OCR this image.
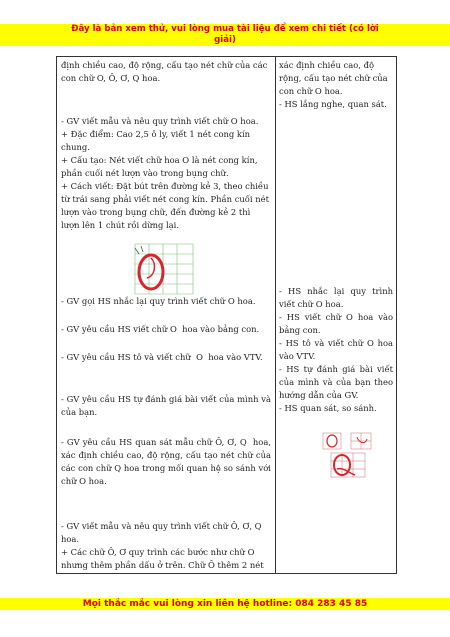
Đây là bản xem thử, vui lòng mua tài liệu để xem chi tiết (có lời
giải)

định chiều cao, độ rộng, cấu tạo nét chữ của các con chữ O, Ô, Ơ, Q hoa.

- GV viết mẫu và nêu quy trình viết chữ O hoa.
+ Đặc điểm: Cao 2,5 ô ly, viết 1 nét cong kín chung.
+ Cấu tạo: Nét viết chữ hoa O là nét cong kín, phần cuối nét lượn vào trong bụng chữ.
+ Cách viết: Đặt bút trên đường kẻ 3, theo chiều từ trái sang phải viết nét cong kín. Phần cuối nét lượn vào trong bụng chữ, đến đường kẻ 2 thì lượn lên 1 chút rồi dừng lại.

- GV gọi HS nhắc lại quy trình viết chữ O hoa.

- GV yêu cầu HS viết chữ O  hoa vào bảng con.

- GV yêu cầu HS tô và viết chữ  O  hoa vào VTV.

- GV yêu cầu HS tự đánh giá bài viết của mình và của bạn.

- GV yêu cầu HS quan sát mẫu chữ Ô, Ơ, Q  hoa, xác định chiều cao, độ rộng, cấu tạo nét chữ của các con chữ Q hoa trong mối quan hệ so sánh với chữ O hoa.

- GV viết mẫu và nêu quy trình viết chữ Ô, Ơ, Q hoa.
+ Các chữ Ô, Ơ quy trình các bước như chữ O nhưng thêm phần dấu ở trên. Chữ Ô thêm 2 nét

xác định chiều cao, độ rộng, cấu tạo nét chữ của con chữ O hoa.
- HS lắng nghe, quan sát.

- HS nhắc lại quy trình viết chữ O hoa.
- HS viết chữ O hoa vào bảng con.
- HS tô và viết chữ O hoa vào VTV.
- HS tự đánh giá bài viết của mình và của bạn theo hướng dẫn của GV.
- HS quan sát, so sánh.

Mọi thắc mắc vui lòng xin liên hệ hotline: 084 283 45 85
